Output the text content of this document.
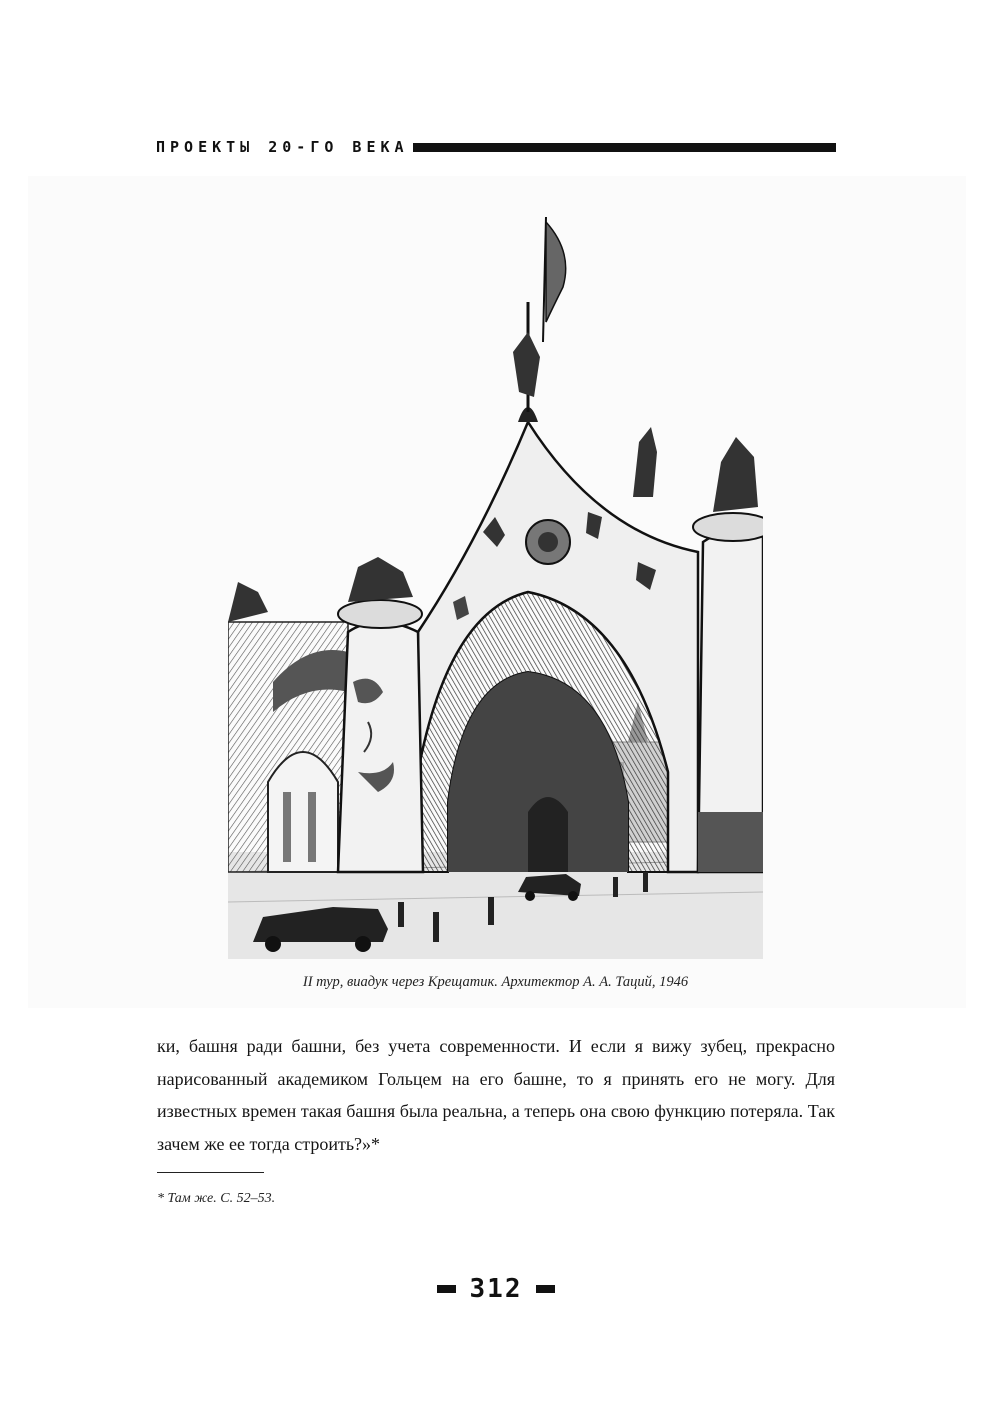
ПРОЕКТЫ 20-ГО ВЕКА
II тур, виадук через Крещатик. Архитектор А. А. Таций, 1946

ки, башня ради башни, без учета современности. И если я вижу зубец, прекрасно нарисованный академиком Гольцем на его башне, то я принять его не могу. Для известных времен такая башня была реальна, а теперь она свою функцию потеряла. Так зачем же ее тогда строить?»*

* Там же. С. 52–53.
312
